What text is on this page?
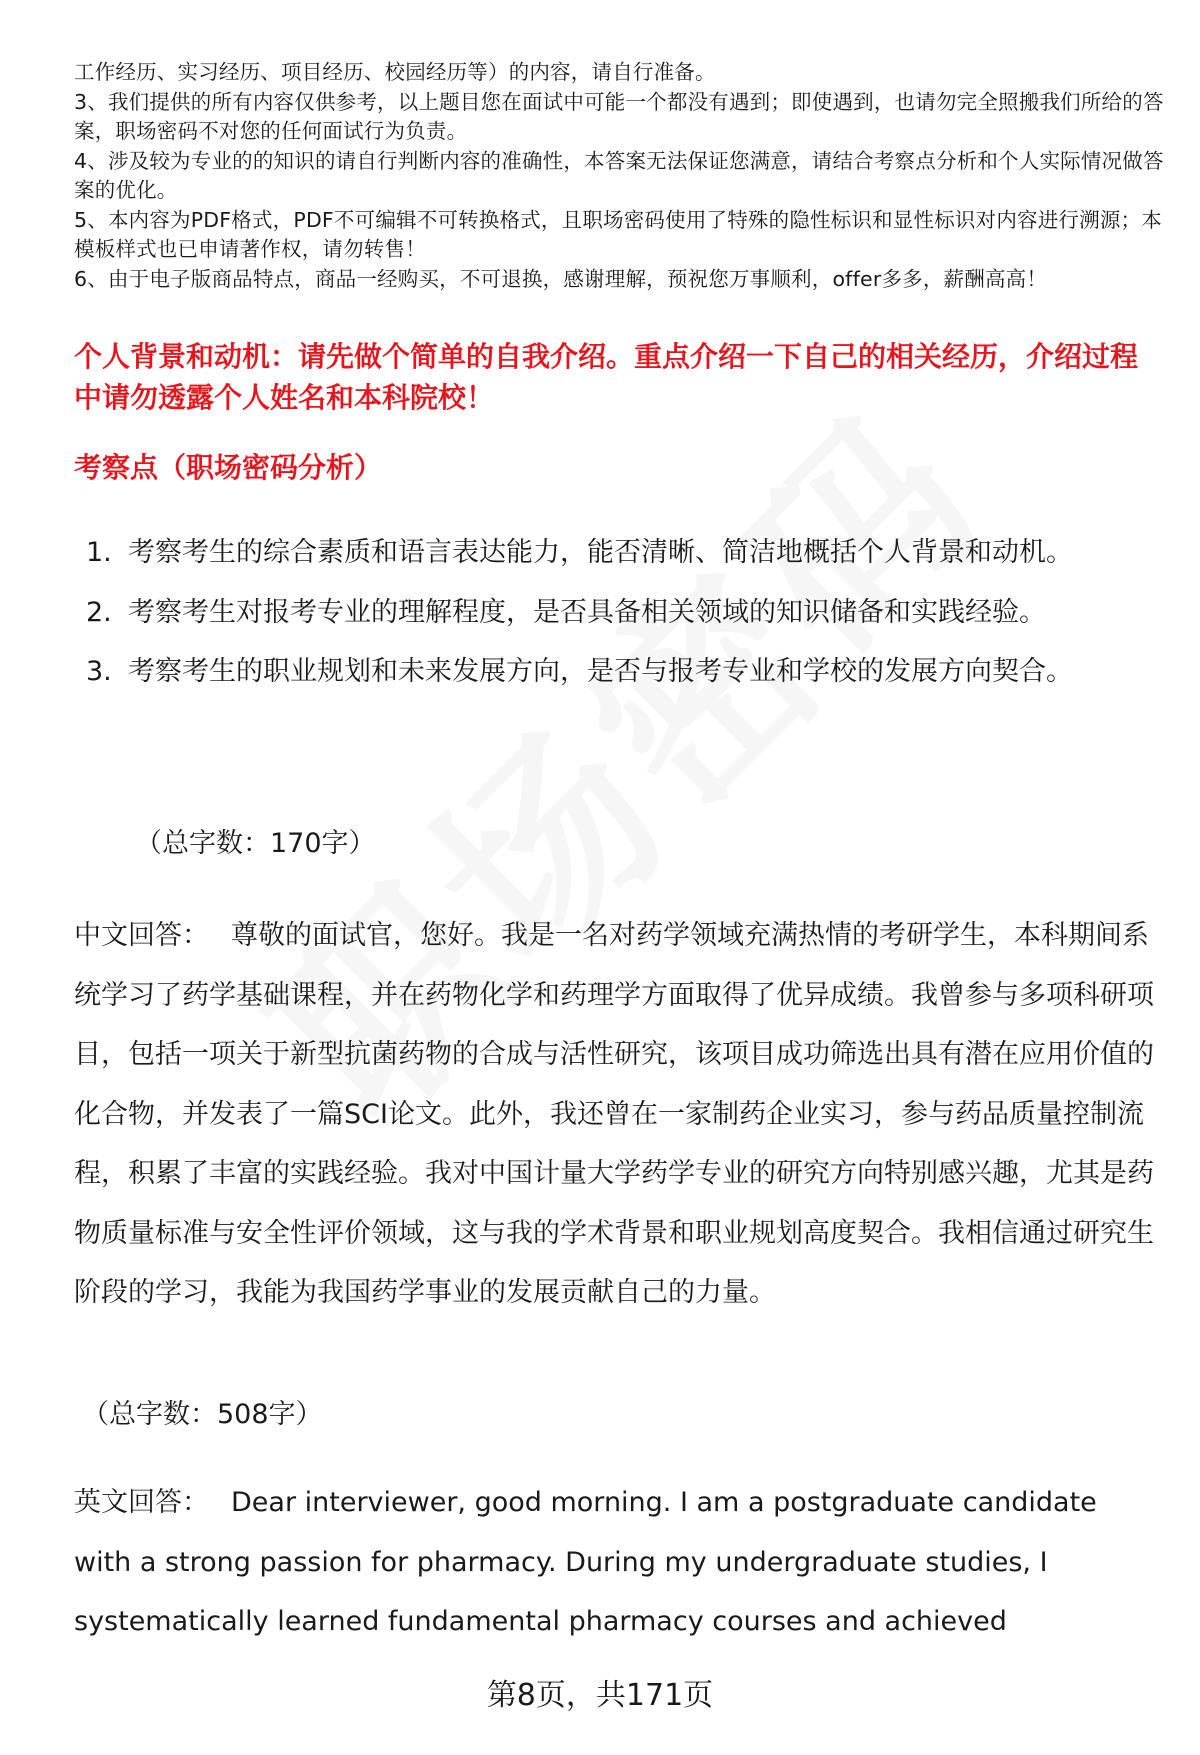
工作经历、实习经历、项目经历、校园经历等）的内容，请自行准备。

3、我们提供的所有内容仅供参考，以上题目您在面试中可能一个都没有遇到；即使遇到，也请勿完全照搬我们所给的答案，职场密码不对您的任何面试行为负责。

4、涉及较为专业的的知识的请自行判断内容的准确性，本答案无法保证您满意，请结合考察点分析和个人实际情况做答案的优化。

5、本内容为PDF格式，PDF不可编辑不可转换格式，且职场密码使用了特殊的隐性标识和显性标识对内容进行溯源；本模板样式也已申请著作权，请勿转售！

6、由于电子版商品特点，商品一经购买，不可退换，感谢理解，预祝您万事顺利，offer多多，薪酬高高！

个人背景和动机：请先做个简单的自我介绍。重点介绍一下自己的相关经历，介绍过程中请勿透露个人姓名和本科院校！

考察点（职场密码分析）

1. 考察考生的综合素质和语言表达能力，能否清晰、简洁地概括个人背景和动机。
2. 考察考生对报考专业的理解程度，是否具备相关领域的知识储备和实践经验。
3. 考察考生的职业规划和未来发展方向，是否与报考专业和学校的发展方向契合。

（总字数：170字）

中文回答： 尊敬的面试官，您好。我是一名对药学领域充满热情的考研学生，本科期间系统学习了药学基础课程，并在药物化学和药理学方面取得了优异成绩。我曾参与多项科研项目，包括一项关于新型抗菌药物的合成与活性研究，该项目成功筛选出具有潜在应用价值的化合物，并发表了一篇SCI论文。此外，我还曾在一家制药企业实习，参与药品质量控制流程，积累了丰富的实践经验。我对中国计量大学药学专业的研究方向特别感兴趣，尤其是药物质量标准与安全性评价领域，这与我的学术背景和职业规划高度契合。我相信通过研究生阶段的学习，我能为我国药学事业的发展贡献自己的力量。

（总字数：508字）

英文回答： Dear interviewer, good morning. I am a postgraduate candidate with a strong passion for pharmacy. During my undergraduate studies, I systematically learned fundamental pharmacy courses and achieved

第8页，共171页
